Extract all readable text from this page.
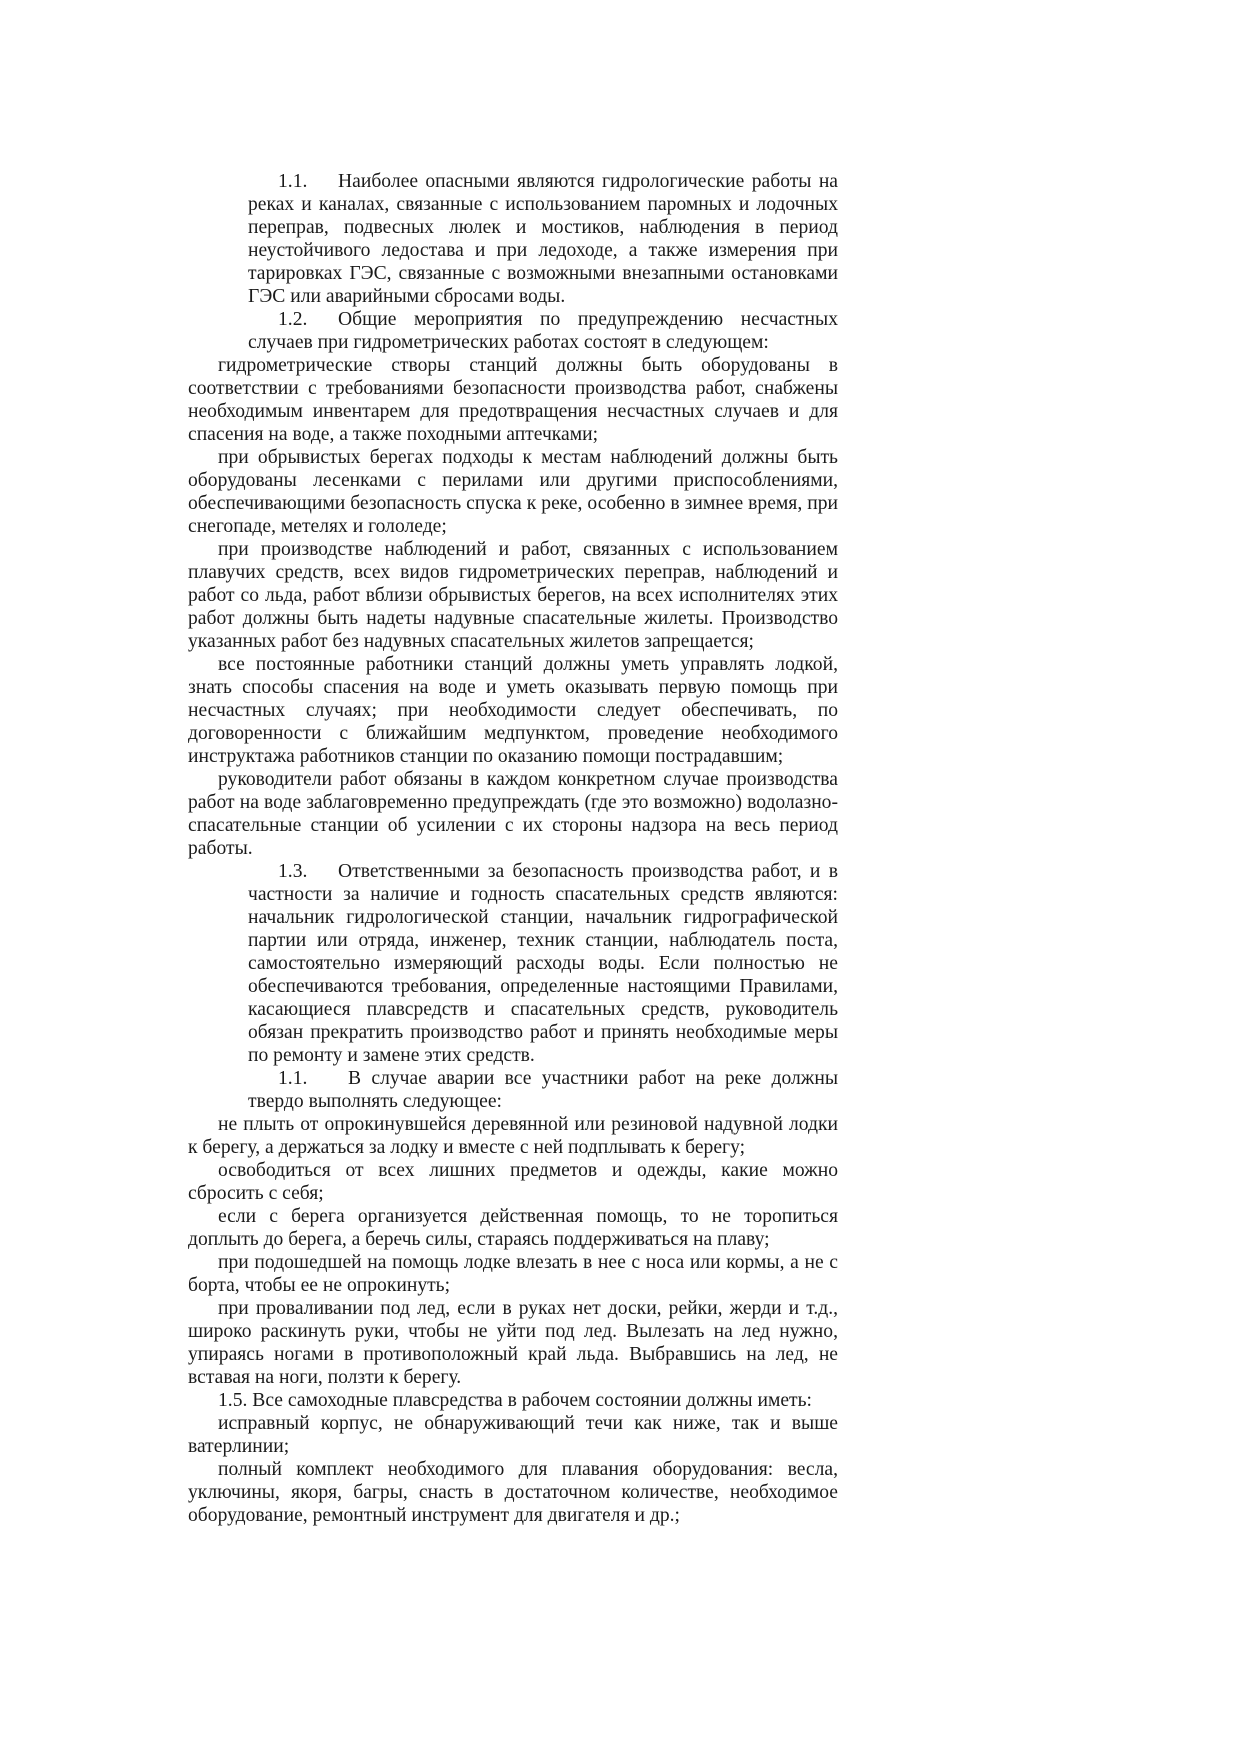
1.1. Наиболее опасными являются гидрологические работы на реках и каналах, связанные с использованием паромных и лодочных переправ, подвесных люлек и мостиков, наблюдения в период неустойчивого ледостава и при ледоходе, а также измерения при тарировках ГЭС, связанные с возможными внезапными остановками ГЭС или аварийными сбросами воды.

1.2. Общие мероприятия по предупреждению несчастных случаев при гидрометрических работах состоят в следующем:

гидрометрические створы станций должны быть оборудованы в соответствии с требованиями безопасности производства работ, снабжены необходимым инвентарем для предотвращения несчастных случаев и для спасения на воде, а также походными аптечками;

при обрывистых берегах подходы к местам наблюдений должны быть оборудованы лесенками с перилами или другими приспособлениями, обеспечивающими безопасность спуска к реке, особенно в зимнее время, при снегопаде, метелях и гололеде;

при производстве наблюдений и работ, связанных с использованием плавучих средств, всех видов гидрометрических переправ, наблюдений и работ со льда, работ вблизи обрывистых берегов, на всех исполнителях этих работ должны быть надеты надувные спасательные жилеты. Производство указанных работ без надувных спасательных жилетов запрещается;

все постоянные работники станций должны уметь управлять лодкой, знать способы спасения на воде и уметь оказывать первую помощь при несчастных случаях; при необходимости следует обеспечивать, по договоренности с ближайшим медпунктом, проведение необходимого инструктажа работников станции по оказанию помощи пострадавшим;

руководители работ обязаны в каждом конкретном случае производства работ на воде заблаговременно предупреждать (где это возможно) водолазно-спасательные станции об усилении с их стороны надзора на весь период работы.

1.3. Ответственными за безопасность производства работ, и в частности за наличие и годность спасательных средств являются: начальник гидрологической станции, начальник гидрографической партии или отряда, инженер, техник станции, наблюдатель поста, самостоятельно измеряющий расходы воды. Если полностью не обеспечиваются требования, определенные настоящими Правилами, касающиеся плавсредств и спасательных средств, руководитель обязан прекратить производство работ и принять необходимые меры по ремонту и замене этих средств.

1.1. В случае аварии все участники работ на реке должны твердо выполнять следующее:

не плыть от опрокинувшейся деревянной или резиновой надувной лодки к берегу, а держаться за лодку и вместе с ней подплывать к берегу;

освободиться от всех лишних предметов и одежды, какие можно сбросить с себя;

если с берега организуется действенная помощь, то не торопиться доплыть до берега, а беречь силы, стараясь поддерживаться на плаву;

при подошедшей на помощь лодке влезать в нее с носа или кормы, а не с борта, чтобы ее не опрокинуть;

при проваливании под лед, если в руках нет доски, рейки, жерди и т.д., широко раскинуть руки, чтобы не уйти под лед. Вылезать на лед нужно, упираясь ногами в противоположный край льда. Выбравшись на лед, не вставая на ноги, ползти к берегу.

1.5. Все самоходные плавсредства в рабочем состоянии должны иметь:

исправный корпус, не обнаруживающий течи как ниже, так и выше ватерлинии;

полный комплект необходимого для плавания оборудования: весла, уключины, якоря, багры, снасть в достаточном количестве, необходимое оборудование, ремонтный инструмент для двигателя и др.;
